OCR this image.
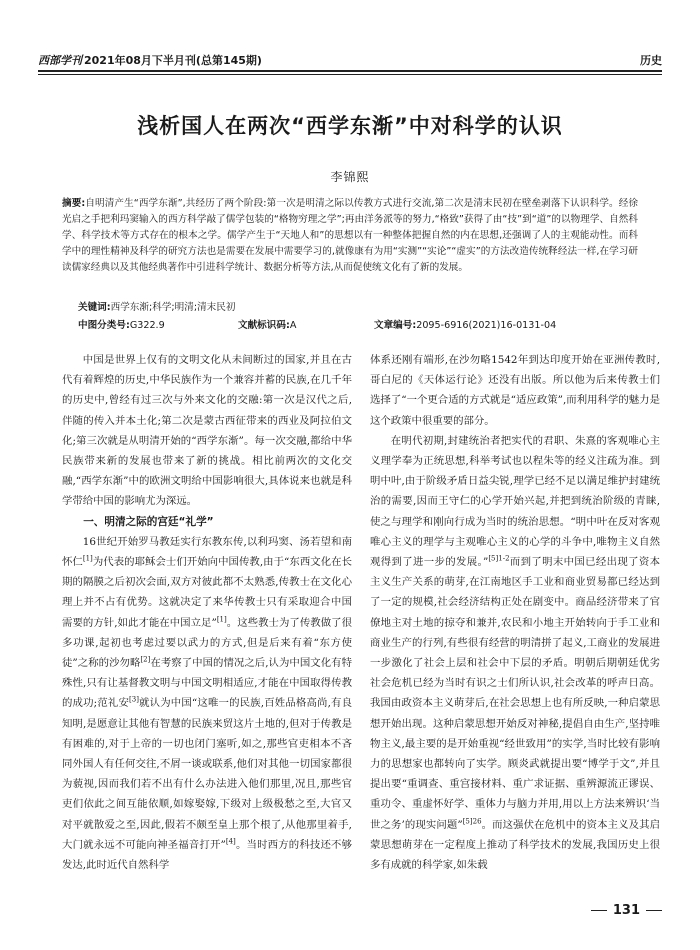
西部学刊 2021年08月下半月刊(总第145期)	历史
浅析国人在两次“西学东渐”中对科学的认识
李锦熙
摘要:自明清产生“西学东渐”,共经历了两个阶段:第一次是明清之际以传教方式进行交流,第二次是清末民初在壁垒剥落下认识科学。经徐光启之手把利玛窦输入的西方科学敲了儒学包装的“格物穷理之学”;再由洋务派等的努力,“格致”获得了由“技”到“道”的以物理学、自然科学、科学技术等方式存在的根本之学。儒学产生于“天地人和”的思想以有一种整体把握自然的内在思想,还强调了人的主观能动性。而科学中的理性精神及科学的研究方法也是需要在发展中需要学习的,就像康有为用“实测”“实论”“虚实”的方法改造传统释经法一样,在学习研读儒家经典以及其他经典著作中引进科学统计、数据分析等方法,从而促使统文化有了新的发展。
关键词:西学东渐;科学;明清;清末民初
中图分类号: G322.9	文献标识码: A	文章编号: 2095-6916(2021)16-0131-04

中国是世界上仅有的文明文化从未间断过的国家,并且在古代有着辉煌的历史,中华民族作为一个兼容并蓄的民族,在几千年的历史中,曾经有过三次与外来文化的交融:第一次是汉代之后,伴随的传入并本土化;第二次是蒙古西征带来的西业及阿拉伯文化;第三次就是从明清开始的“西学东渐”。每一次交融,都给中华民族带来新的发展也带来了新的挑战。相比前两次的文化交融,“西学东渐”中的欧洲文明给中国影响很大,具体说来也就是科学带给中国的影响尤为深远。

一、明清之际的宫廷“礼学”

16世纪开始罗马教廷实行东教东传,以利玛窦、汤若望和南怀仁[1]为代表的耶稣会士们开始向中国传教,由于“东西文化在长期的隔膜之后初次会面,双方对彼此都不太熟悉,传教士在文化心理上并不占有优势。这就决定了来华传教士只有采取迎合中国需要的方针,如此才能在中国立足”[1]。这些教士为了传教做了很多功课,起初也考虑过要以武力的方式,但是后来有着“东方使徒”之称的沙勿略[2]在考察了中国的情况之后,认为中国文化有特殊性,只有让基督教文明与中国文明相适应,才能在中国取得传教的成功;范礼安[3]就认为中国“这唯一的民族,百姓品格高尚,有良知明,是愿意让其他有智慧的民族来贸这片土地的,但对于传教是有困难的,对于上帝的一切也闭门塞听,如之,那些官吏相本不吝同外国人有任何交往,不屑一谈或联系,他们对其他一切国家都很为藐视,因而我们若不出有什么办法进入他们那里,况且,那些官吏们依此之间互能依顺,如嫁娶嫁,下级对上级极愁之至,大官又对平就散爱之至,因此,假若不颇至皇上那个根了,从他那里着手,大门就永远不可能向神圣福音打开”[4]。当时西方的科技还不够发达,此时近代自然科学

体系还刚有端形,在沙勿略1542年到达印度开始在亚洲传教时,哥白尼的《天体运行论》还没有出版。所以他为后来传教士们选择了“一个更合适的方式就是“适应政策”,而利用科学的魅力是这个政策中很重要的部分。

在明代初期,封建统治者把实代的君职、朱熹的客观唯心主义理学奉为正统思想,科举考试也以程朱等的经义注疏为准。到明中叶,由于阶级矛盾日益尖锐,理学已经不足以满足维护封建统治的需要,因而王守仁的心学开始兴起,并把到统治阶级的青睐,使之与理学和刚向行成为当时的统治思想。“明中叶在反对客观唯心主义的理学与主观唯心主义的心学的斗争中,唯物主义自然观得到了进一步的发展。”$^{[5]1-2}$而到了明末中国已经出现了资本主义生产关系的萌芽,在江南地区手工业和商业贸易都已经达到了一定的规模,社会经济结构正处在剧变中。商品经济带来了官僚地主对土地的掠夺和兼并,农民和小地主开始转向于手工业和商业生产的行列,有些很有经营的明清拼了起义,工商业的发展进一步激化了社会上层和社会中下层的矛盾。明朝后期朝廷优劣社会危机已经为当时有识之士们所认识,社会改革的呼声日高。我国由政资本主义萌芽后,在社会思想上也有所反映,一种启蒙思想开始出现。这种启蒙思想开始反对神秘,提倡自由生产,坚持唯物主义,最主要的是开始重视“经世致用”的实学,当时比较有影响力的思想家也都转向了实学。顾炎武就提出要“博学于文”,并且提出要“重调查、重宫接材料、重广求证据、重辨源流正谬误、重功令、重虚怀好学、重体力与脑力并用,用以上方法来辨识‘当世之务’的现实问题”$^{[5]26}$。而这强伏在危机中的资本主义及其启蒙思想萌芽在一定程度上推动了科学技术的发展,我国历史上很多有成就的科学家,如朱载

131
